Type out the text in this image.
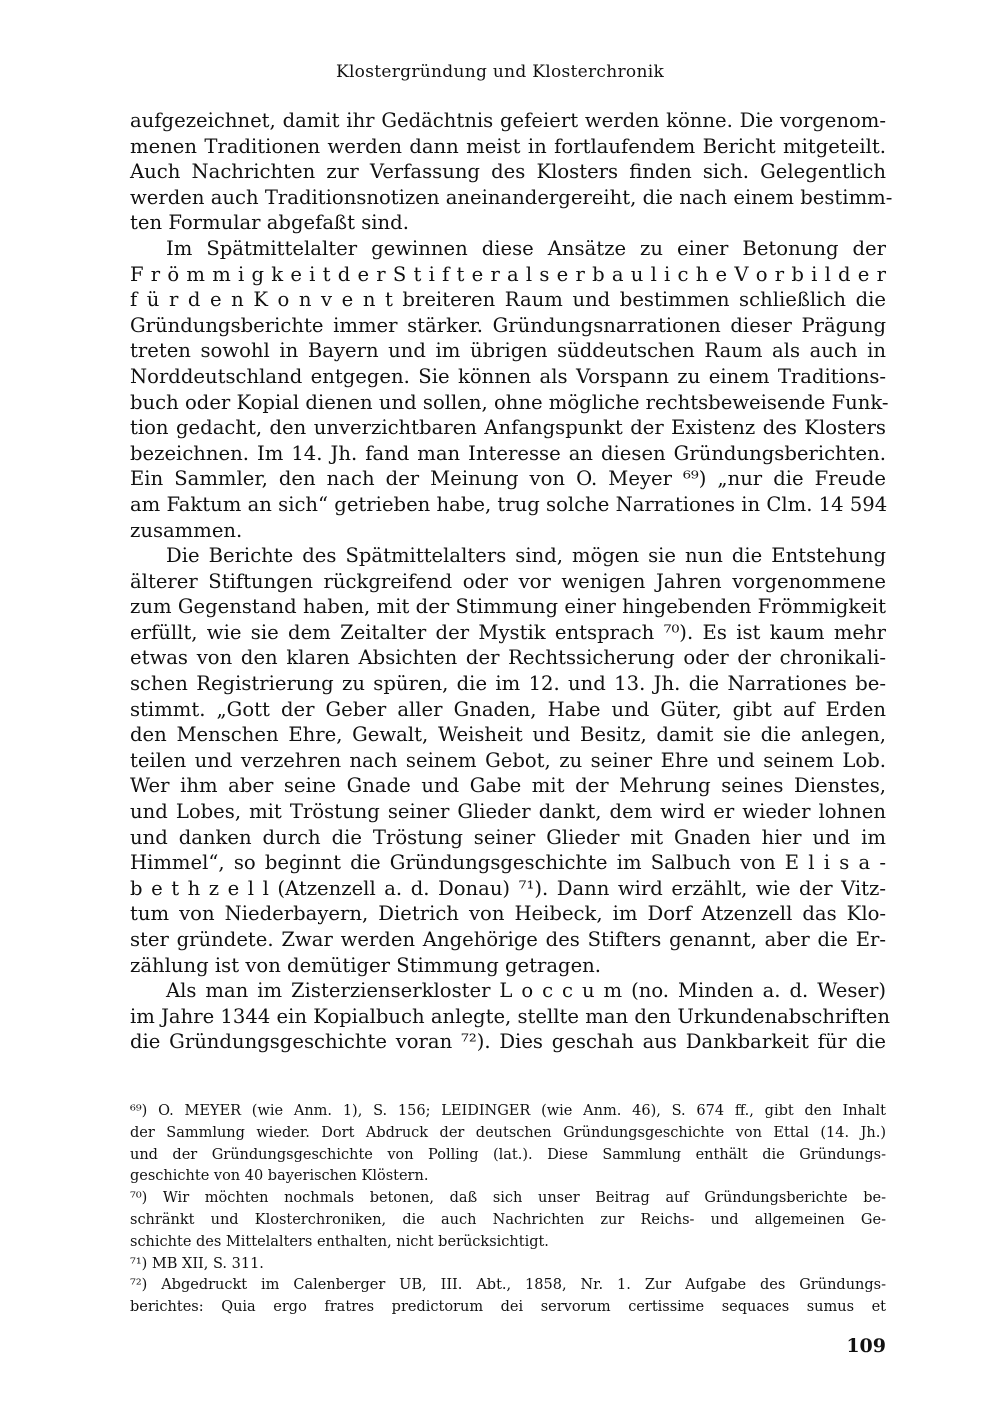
Klostergründung und Klosterchronik
aufgezeichnet, damit ihr Gedächtnis gefeiert werden könne. Die vorgenom-
menen Traditionen werden dann meist in fortlaufendem Bericht mitgeteilt.
Auch Nachrichten zur Verfassung des Klosters finden sich. Gelegentlich
werden auch Traditionsnotizen aneinandergereiht, die nach einem bestimm-
ten Formular abgefaßt sind.
Im Spätmittelalter gewinnen diese Ansätze zu einer Betonung der
F r ö m m i g k e i t d e r S t i f t e r a l s e r b a u l i c h e V o r b i l d e r
f ü r d e n K o n v e n t breiteren Raum und bestimmen schließlich die
Gründungsberichte immer stärker. Gründungsnarrationen dieser Prägung
treten sowohl in Bayern und im übrigen süddeutschen Raum als auch in
Norddeutschland entgegen. Sie können als Vorspann zu einem Traditions-
buch oder Kopial dienen und sollen, ohne mögliche rechtsbeweisende Funk-
tion gedacht, den unverzichtbaren Anfangspunkt der Existenz des Klosters
bezeichnen. Im 14. Jh. fand man Interesse an diesen Gründungsberichten.
Ein Sammler, den nach der Meinung von O. Meyer ⁶⁹) „nur die Freude
am Faktum an sich“ getrieben habe, trug solche Narrationes in Clm. 14 594
zusammen.
Die Berichte des Spätmittelalters sind, mögen sie nun die Entstehung
älterer Stiftungen rückgreifend oder vor wenigen Jahren vorgenommene
zum Gegenstand haben, mit der Stimmung einer hingebenden Frömmigkeit
erfüllt, wie sie dem Zeitalter der Mystik entsprach ⁷⁰). Es ist kaum mehr
etwas von den klaren Absichten der Rechtssicherung oder der chronikali-
schen Registrierung zu spüren, die im 12. und 13. Jh. die Narrationes be-
stimmt. „Gott der Geber aller Gnaden, Habe und Güter, gibt auf Erden
den Menschen Ehre, Gewalt, Weisheit und Besitz, damit sie die anlegen,
teilen und verzehren nach seinem Gebot, zu seiner Ehre und seinem Lob.
Wer ihm aber seine Gnade und Gabe mit der Mehrung seines Dienstes,
und Lobes, mit Tröstung seiner Glieder dankt, dem wird er wieder lohnen
und danken durch die Tröstung seiner Glieder mit Gnaden hier und im
Himmel“, so beginnt die Gründungsgeschichte im Salbuch von E l i s a -
b e t h z e l l (Atzenzell a. d. Donau) ⁷¹). Dann wird erzählt, wie der Vitz-
tum von Niederbayern, Dietrich von Heibeck, im Dorf Atzenzell das Klo-
ster gründete. Zwar werden Angehörige des Stifters genannt, aber die Er-
zählung ist von demütiger Stimmung getragen.
Als man im Zisterzienserkloster L o c c u m (no. Minden a. d. Weser)
im Jahre 1344 ein Kopialbuch anlegte, stellte man den Urkundenabschriften
die Gründungsgeschichte voran ⁷²). Dies geschah aus Dankbarkeit für die
⁶⁹) O. MEYER (wie Anm. 1), S. 156; LEIDINGER (wie Anm. 46), S. 674 ff., gibt den Inhalt
der Sammlung wieder. Dort Abdruck der deutschen Gründungsgeschichte von Ettal (14. Jh.)
und der Gründungsgeschichte von Polling (lat.). Diese Sammlung enthält die Gründungs-
geschichte von 40 bayerischen Klöstern.
⁷⁰) Wir möchten nochmals betonen, daß sich unser Beitrag auf Gründungsberichte be-
schränkt und Klosterchroniken, die auch Nachrichten zur Reichs- und allgemeinen Ge-
schichte des Mittelalters enthalten, nicht berücksichtigt.
⁷¹) MB XII, S. 311.
⁷²) Abgedruckt im Calenberger UB, III. Abt., 1858, Nr. 1. Zur Aufgabe des Gründungs-
berichtes: Quia ergo fratres predictorum dei servorum certissime sequaces sumus et
109
